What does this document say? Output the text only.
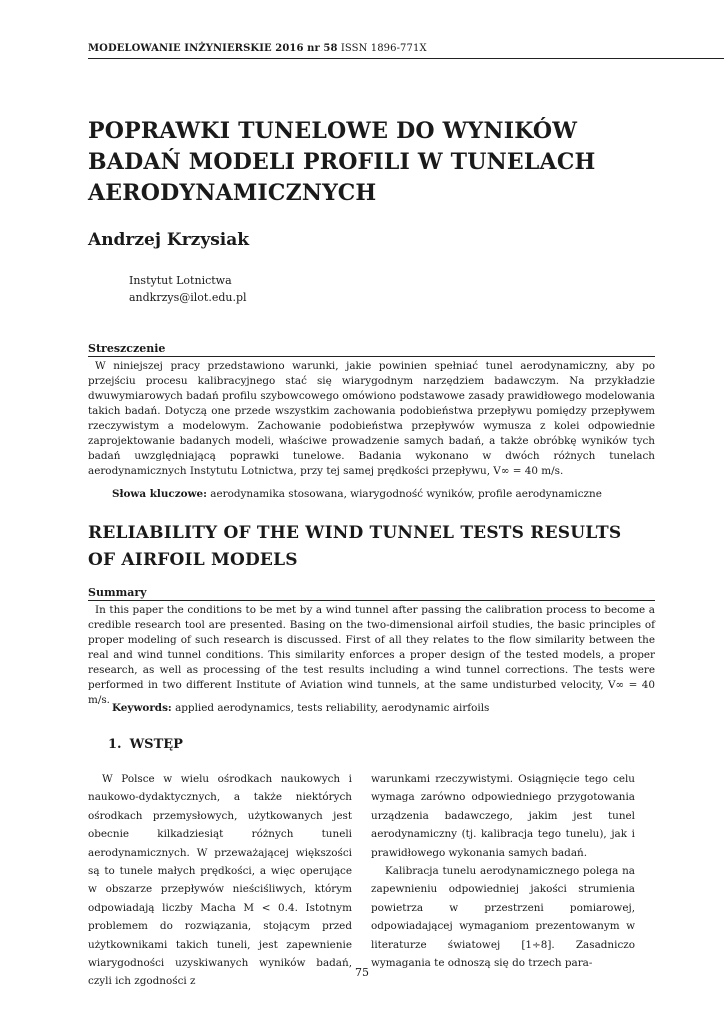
MODELOWANIE INŻYNIERSKIE 2016 nr 58 ISSN 1896-771X
POPRAWKI TUNELOWE DO WYNIKÓW BADAŃ MODELI PROFILI W TUNELACH AERODYNAMICZNYCH
Andrzej Krzysiak
Instytut Lotnictwa
andkrzys@ilot.edu.pl
Streszczenie

W niniejszej pracy przedstawiono warunki, jakie powinien spełniać tunel aerodynamiczny, aby po przejściu procesu kalibracyjnego stać się wiarygodnym narzędziem badawczym. Na przykładzie dwuwymiarowych badań profilu szybowcowego omówiono podstawowe zasady prawidłowego modelowania takich badań. Dotyczą one przede wszystkim zachowania podobieństwa przepływu pomiędzy przepływem rzeczywistym a modelowym. Zachowanie podobieństwa przepływów wymusza z kolei odpowiednie zaprojektowanie badanych modeli, właściwe prowadzenie samych badań, a także obróbkę wyników tych badań uwzględniającą poprawki tunelowe. Badania wykonano w dwóch różnych tunelach aerodynamicznych Instytutu Lotnictwa, przy tej samej prędkości przepływu, V∞ = 40 m/s.

Słowa kluczowe: aerodynamika stosowana, wiarygodność wyników, profile aerodynamiczne
RELIABILITY OF THE WIND TUNNEL TESTS RESULTS OF AIRFOIL MODELS
Summary

In this paper the conditions to be met by a wind tunnel after passing the calibration process to become a credible research tool are presented. Basing on the two-dimensional airfoil studies, the basic principles of proper modeling of such research is discussed. First of all they relates to the flow similarity between the real and wind tunnel conditions. This similarity enforces a proper design of the tested models, a proper research, as well as processing of the test results including a wind tunnel corrections. The tests were performed in two different Institute of Aviation wind tunnels, at the same undisturbed velocity, V∞ = 40 m/s.

Keywords: applied aerodynamics, tests reliability, aerodynamic airfoils
1. WSTĘP

W Polsce w wielu ośrodkach naukowych i naukowo-dydaktycznych, a także niektórych ośrodkach przemysłowych, użytkowanych jest obecnie kilkadziesiąt różnych tuneli aerodynamicznych. W przeważającej większości są to tunele małych prędkości, a więc operujące w obszarze przepływów nieściśliwych, którym odpowiadają liczby Macha M < 0.4. Istotnym problemem do rozwiązania, stojącym przed użytkownikami takich tuneli, jest zapewnienie wiarygodności uzyskiwanych wyników badań, czyli ich zgodności z

warunkami rzeczywistymi. Osiągnięcie tego celu wymaga zarówno odpowiedniego przygotowania urządzenia badawczego, jakim jest tunel aerodynamiczny (tj. kalibracja tego tunelu), jak i prawidłowego wykonania samych badań.

Kalibracja tunelu aerodynamicznego polega na zapewnieniu odpowiedniej jakości strumienia powietrza w przestrzeni pomiarowej, odpowiadającej wymaganiom prezentowanym w literaturze światowej [1÷8]. Zasadniczo wymagania te odnoszą się do trzech para-

75
